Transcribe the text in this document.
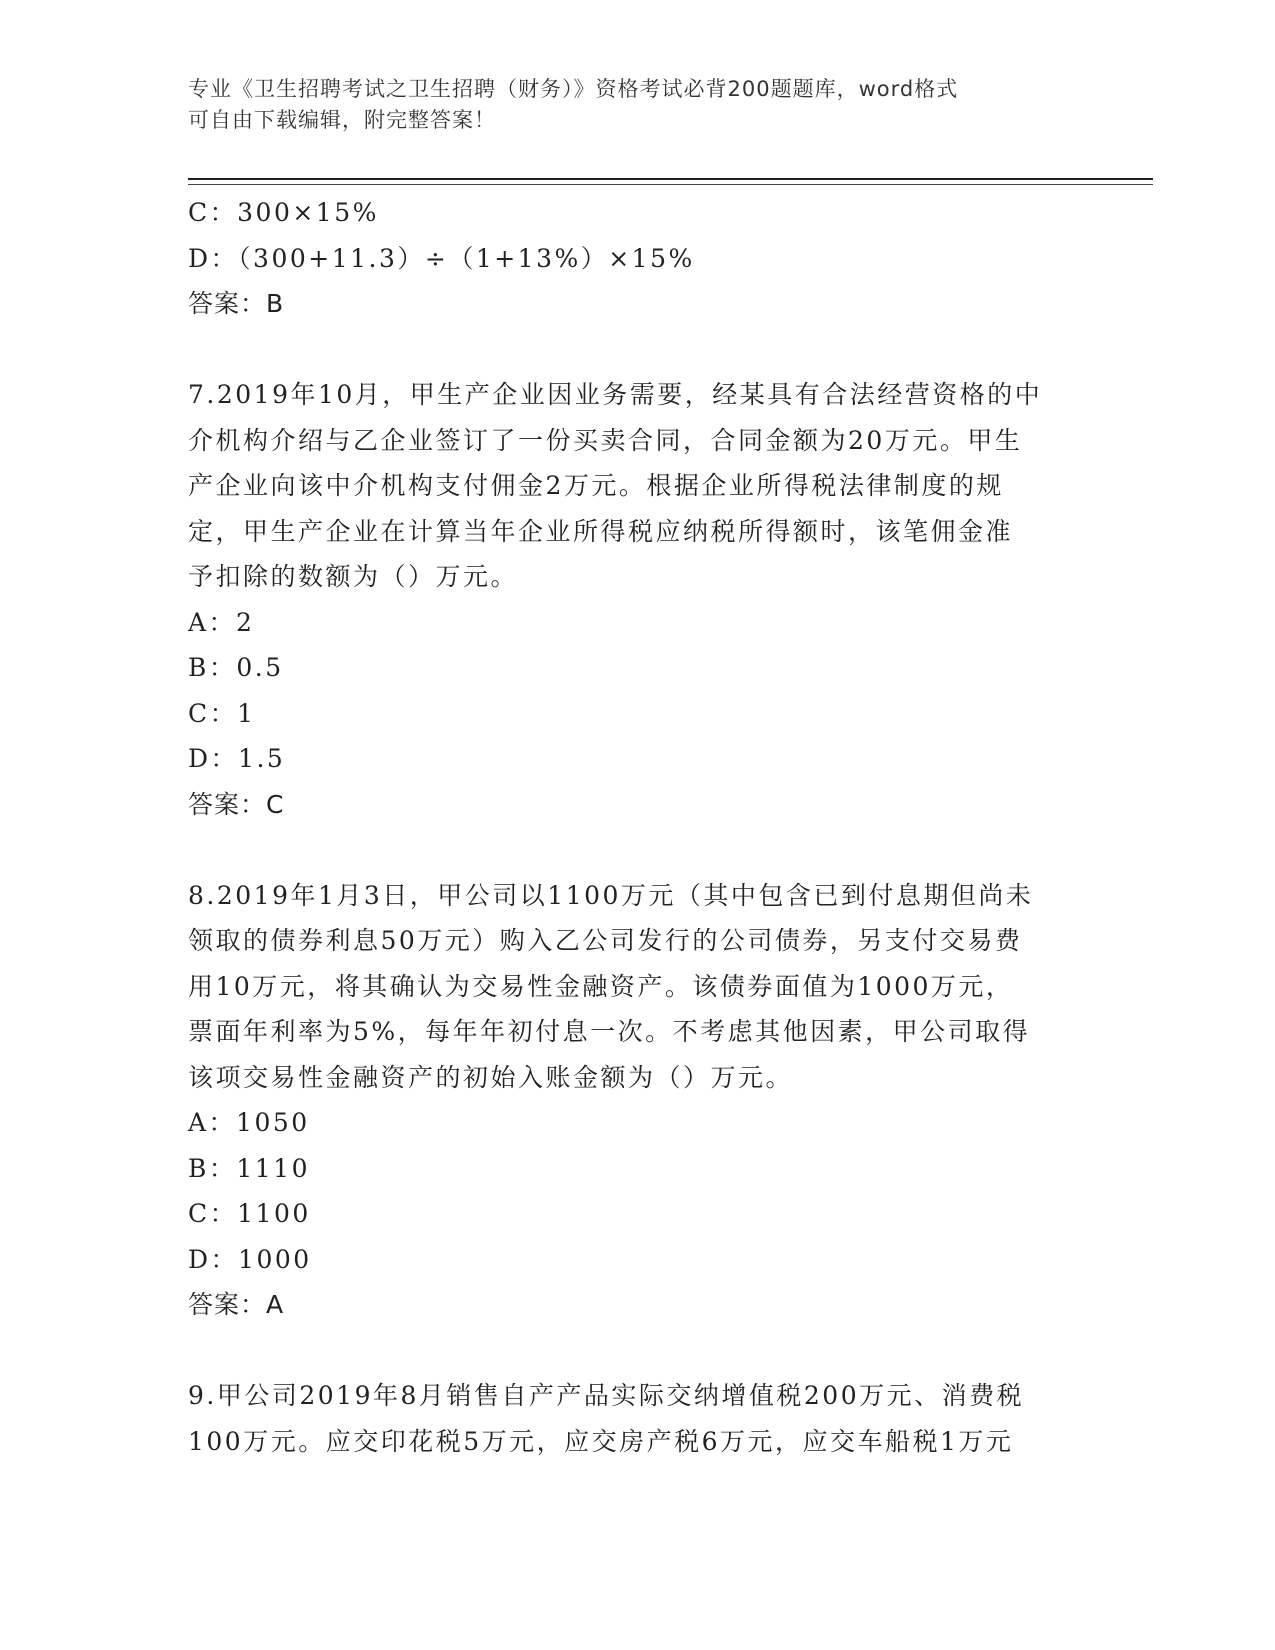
专业《卫生招聘考试之卫生招聘（财务）》资格考试必背200题题库，word格式
可自由下载编辑，附完整答案！
C：300×15%
D：（300+11.3）÷（1+13%）×15%
答案：B
7.2019年10月，甲生产企业因业务需要，经某具有合法经营资格的中
介机构介绍与乙企业签订了一份买卖合同，合同金额为20万元。甲生
产企业向该中介机构支付佣金2万元。根据企业所得税法律制度的规
定，甲生产企业在计算当年企业所得税应纳税所得额时，该笔佣金准
予扣除的数额为（）万元。
A：2
B：0.5
C：1
D：1.5
答案：C
8.2019年1月3日，甲公司以1100万元（其中包含已到付息期但尚未
领取的债券利息50万元）购入乙公司发行的公司债券，另支付交易费
用10万元，将其确认为交易性金融资产。该债券面值为1000万元，
票面年利率为5%，每年年初付息一次。不考虑其他因素，甲公司取得
该项交易性金融资产的初始入账金额为（）万元。
A：1050
B：1110
C：1100
D：1000
答案：A
9.甲公司2019年8月销售自产产品实际交纳增值税200万元、消费税
100万元。应交印花税5万元，应交房产税6万元，应交车船税1万元
